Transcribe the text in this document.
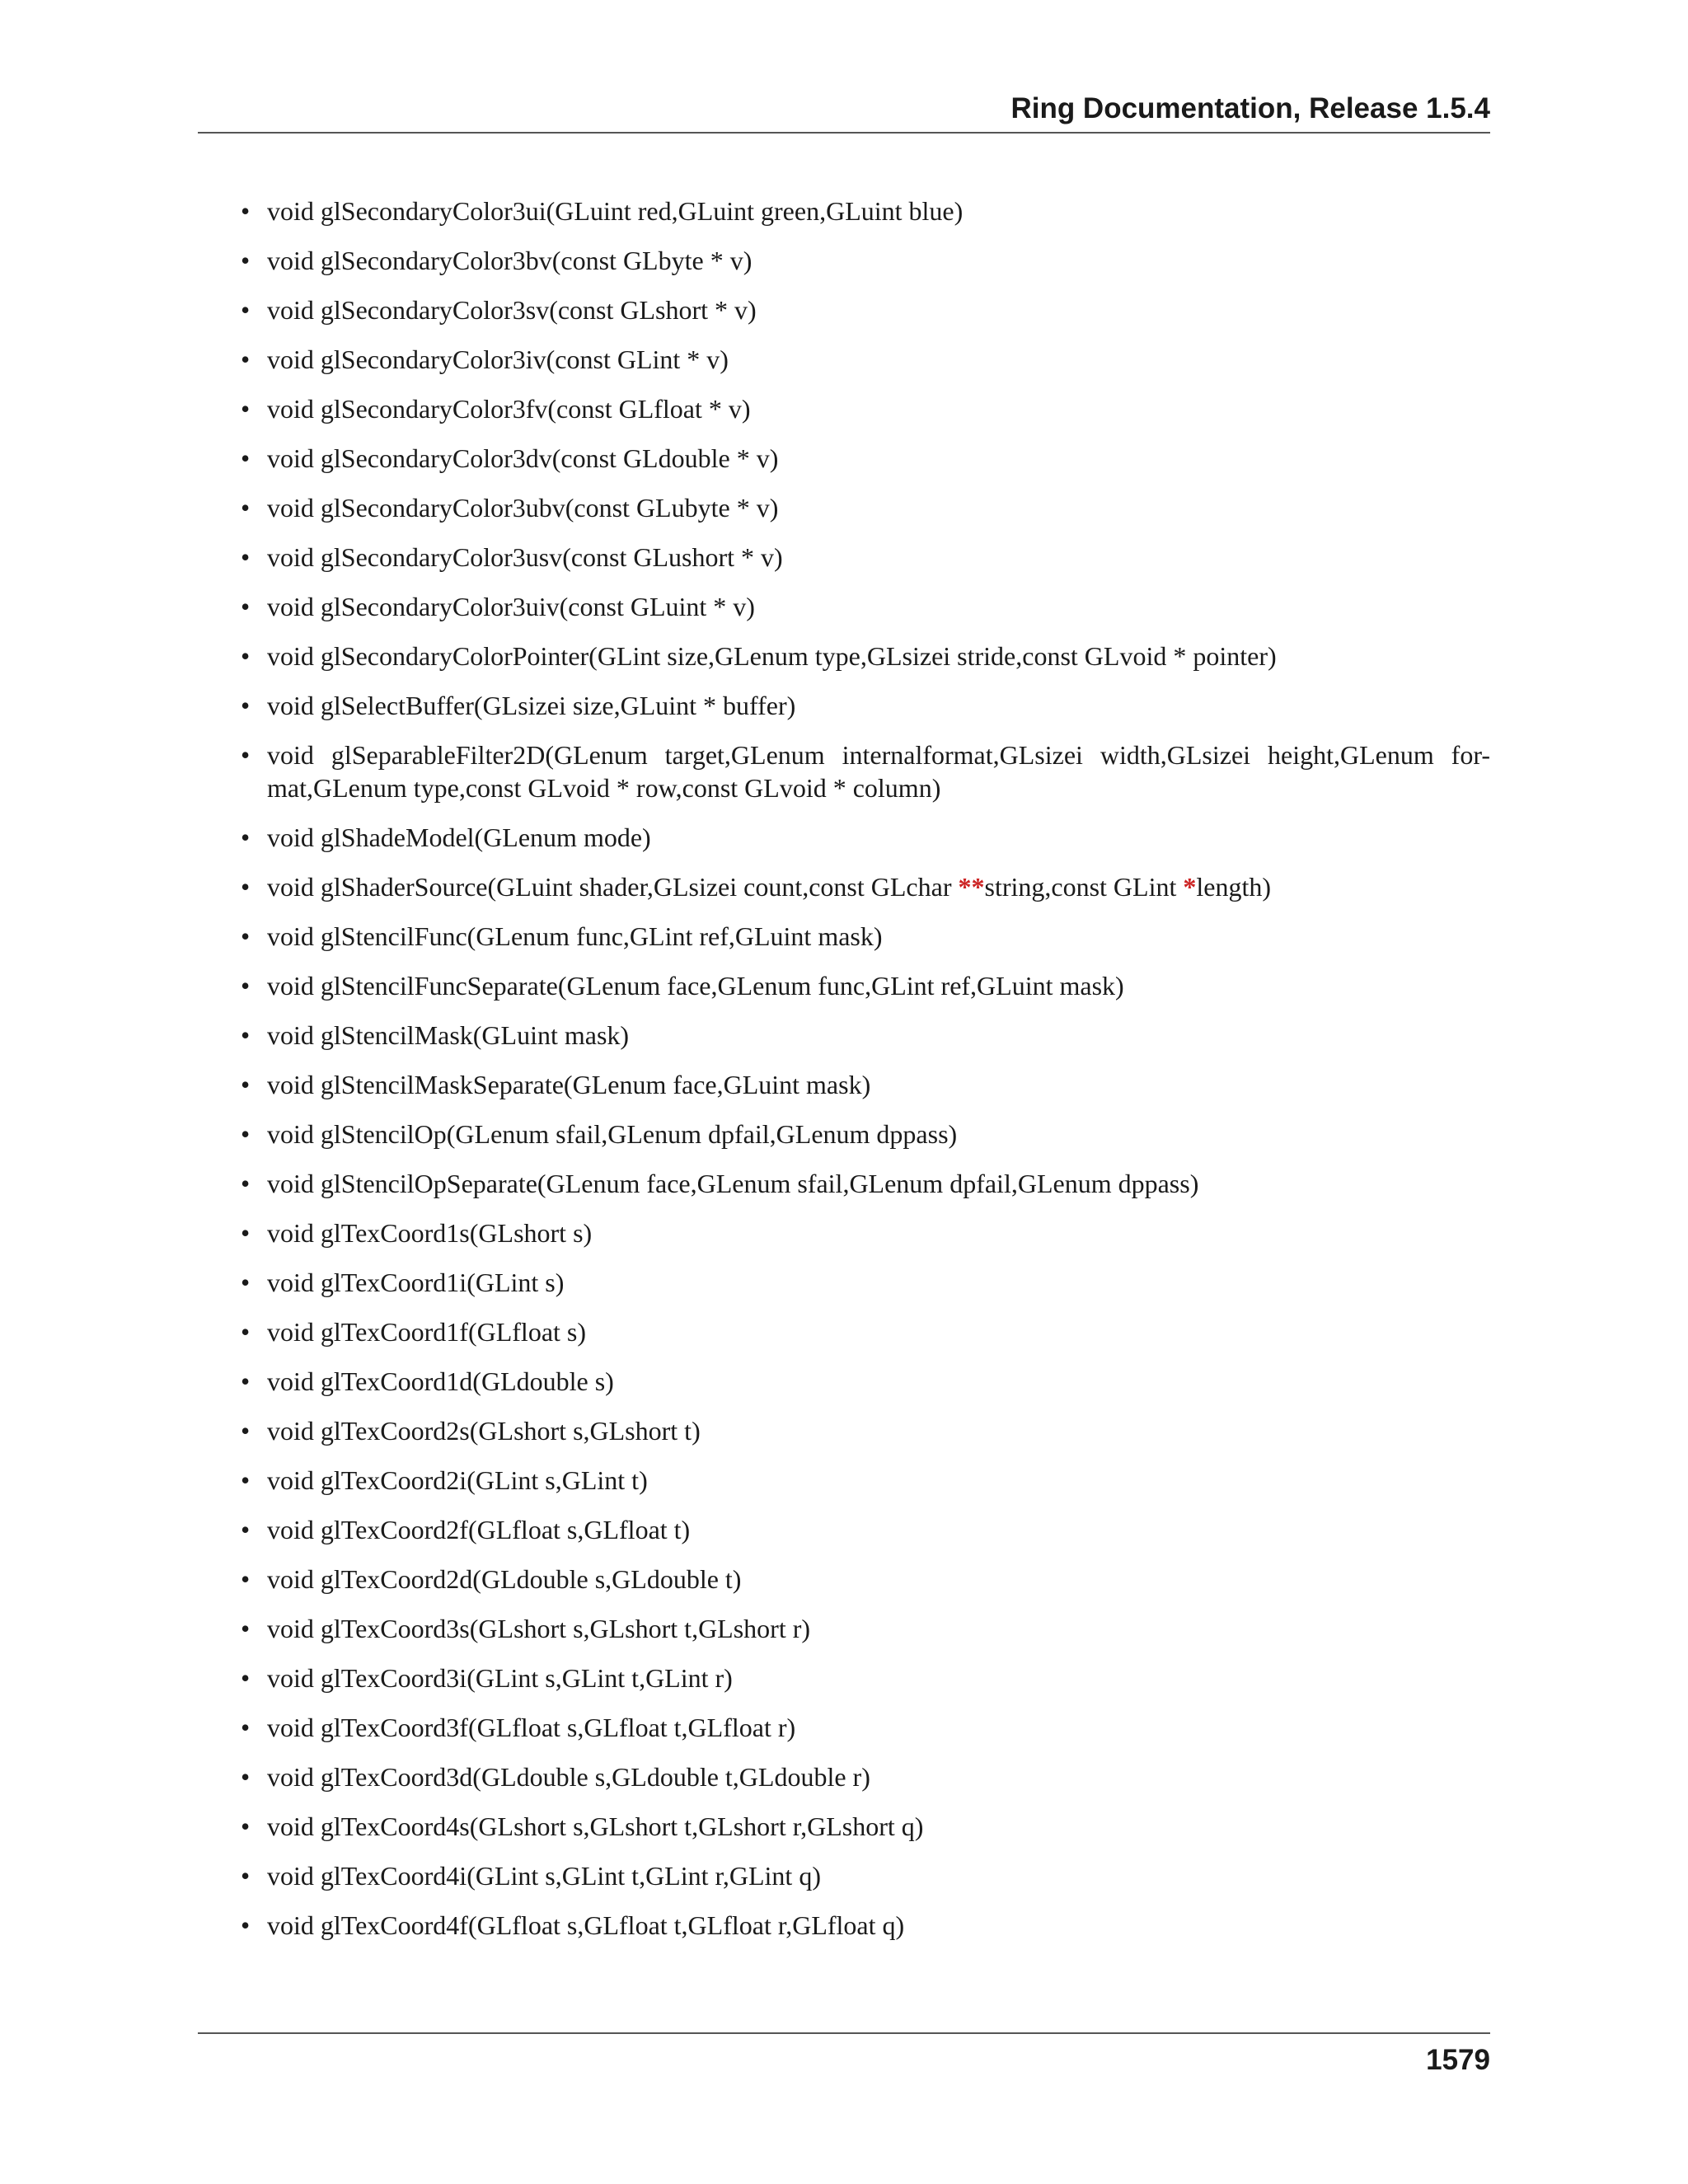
Ring Documentation, Release 1.5.4
• void glSecondaryColor3ui(GLuint red,GLuint green,GLuint blue)
• void glSecondaryColor3bv(const GLbyte * v)
• void glSecondaryColor3sv(const GLshort * v)
• void glSecondaryColor3iv(const GLint * v)
• void glSecondaryColor3fv(const GLfloat * v)
• void glSecondaryColor3dv(const GLdouble * v)
• void glSecondaryColor3ubv(const GLubyte * v)
• void glSecondaryColor3usv(const GLushort * v)
• void glSecondaryColor3uiv(const GLuint * v)
• void glSecondaryColorPointer(GLint size,GLenum type,GLsizei stride,const GLvoid * pointer)
• void glSelectBuffer(GLsizei size,GLuint * buffer)
• void glSeparableFilter2D(GLenum target,GLenum internalformat,GLsizei width,GLsizei height,GLenum for-mat,GLenum type,const GLvoid * row,const GLvoid * column)
• void glShadeModel(GLenum mode)
• void glShaderSource(GLuint shader,GLsizei count,const GLchar **string,const GLint *length)
• void glStencilFunc(GLenum func,GLint ref,GLuint mask)
• void glStencilFuncSeparate(GLenum face,GLenum func,GLint ref,GLuint mask)
• void glStencilMask(GLuint mask)
• void glStencilMaskSeparate(GLenum face,GLuint mask)
• void glStencilOp(GLenum sfail,GLenum dpfail,GLenum dppass)
• void glStencilOpSeparate(GLenum face,GLenum sfail,GLenum dpfail,GLenum dppass)
• void glTexCoord1s(GLshort s)
• void glTexCoord1i(GLint s)
• void glTexCoord1f(GLfloat s)
• void glTexCoord1d(GLdouble s)
• void glTexCoord2s(GLshort s,GLshort t)
• void glTexCoord2i(GLint s,GLint t)
• void glTexCoord2f(GLfloat s,GLfloat t)
• void glTexCoord2d(GLdouble s,GLdouble t)
• void glTexCoord3s(GLshort s,GLshort t,GLshort r)
• void glTexCoord3i(GLint s,GLint t,GLint r)
• void glTexCoord3f(GLfloat s,GLfloat t,GLfloat r)
• void glTexCoord3d(GLdouble s,GLdouble t,GLdouble r)
• void glTexCoord4s(GLshort s,GLshort t,GLshort r,GLshort q)
• void glTexCoord4i(GLint s,GLint t,GLint r,GLint q)
• void glTexCoord4f(GLfloat s,GLfloat t,GLfloat r,GLfloat q)
1579
